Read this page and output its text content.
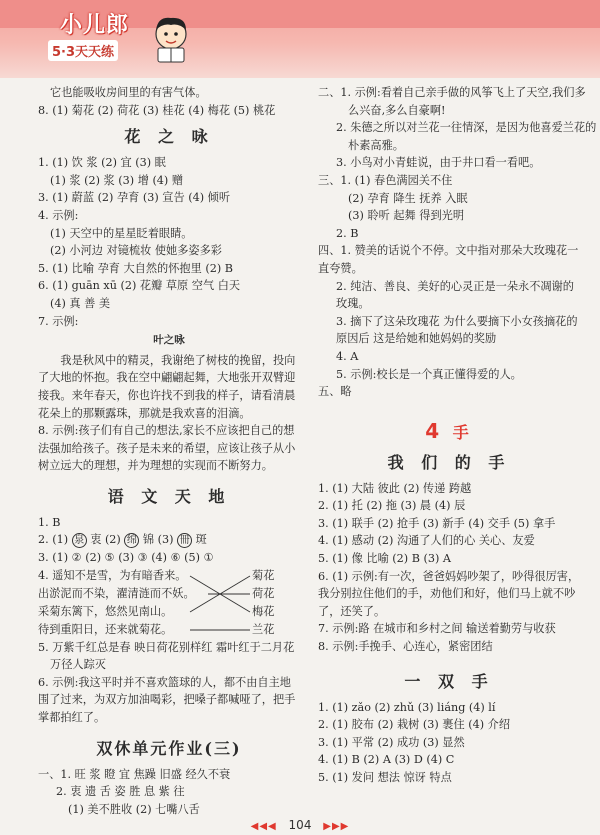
小儿郎
5·3天天练
它也能吸收房间里的有害气体。
8. (1) 菊花 (2) 荷花 (3) 桂花 (4) 梅花 (5) 桃花
花 之 咏
1. (1) 饮 浆 (2) 宜 (3) 眠
(1) 浆 (2) 浆 (3) 增 (4) 赠
3. (1) 蔚蓝 (2) 孕育 (3) 宣告 (4) 倾听
4. 示例:
(1) 天空中的星星眨着眼睛。
(2) 小河边 对镜梳妆 使她多姿多彩
5. (1) 比喻 孕育 大自然的怀抱里 (2) B
6. (1) guān xū (2) 花瓣 草原 空气 白天
(4) 真 善 美
7. 示例:
叶之咏
我是秋风中的精灵，我谢绝了树枝的挽留，投向了大地的怀抱。我在空中翩翩起舞，大地张开双臂迎接我。来年春天，你也许找不到我的样子，请看清晨花朵上的那颗露珠，那就是我欢喜的泪滴。
8. 示例:孩子们有自己的想法,家长不应该把自己的想法强加给孩子。孩子是未来的希望，应该让孩子从小树立远大的理想，并为理想的实现而不断努力。
语 文 天 地
1. B
2. (1) 泉 衷 (2) 绵 锦 (3) 冊 斑
3. (1) ② (2) ⑤ (3) ③ (4) ⑥ (5) ①
4. 遥知不是雪，为有暗香来。
出淤泥而不染，濯清涟而不妖。
采菊东篱下，悠然见南山。
待到重阳日，还来就菊花。
菊花
荷花
梅花
兰花
5. 万紫千红总是春 映日荷花别样红 霜叶红于二月花
万径人踪灭
6. 示例:我这平时并不喜欢篮球的人，都不由自主地围了过来，为双方加油喝彩，把嗓子都喊哑了，把手掌都拍红了。
双休单元作业(三)
一、1. 旺 浆 瞪 宜 焦躁 旧盛 经久不衰
2. 衷 遗 舌 姿 胜 息 紫 往
(1) 美不胜收 (2) 七嘴八舌
二、1. 示例:看着自己亲手做的风筝飞上了天空,我们多
么兴奋,多么自豪啊!
2. 朱德之所以对兰花一往情深，是因为他喜爱兰花的
朴素高雅。
3. 小鸟对小青蛙说，由于井口看一看吧。
三、1. (1) 春色满园关不住
(2) 孕育 降生 抚养 入眠
(3) 聆听 起舞 得到光明
2. B
四、1. 赞美的话说个不停。文中指对那朵大玫瑰花一直夸赞。
2. 纯洁、善良、美好的心灵正是一朵永不凋谢的玫瑰。
3. 摘下了这朵玫瑰花 为什么要摘下小女孩摘花的原因后 这是给她和她妈妈的奖励
4. A
5. 示例:校长是一个真正懂得爱的人。
五、略
4 手
我 们 的 手
1. (1) 大陆 彼此 (2) 传递 跨越
2. (1) 托 (2) 拖 (3) 晨 (4) 辰
3. (1) 联手 (2) 抢手 (3) 新手 (4) 交手 (5) 拿手
4. (1) 感动 (2) 沟通了人们的心 关心、友爱
5. (1) 像 比喻 (2) B (3) A
6. (1) 示例:有一次，爸爸妈妈吵架了，吵得很厉害，我分别拉住他们的手，劝他们和好，他们马上就不吵了，还笑了。
7. 示例:路 在城市和乡村之间 输送着勤劳与收获
8. 示例:手挽手、心连心，紧密团结
一 双 手
1. (1) zǎo (2) zhǔ (3) liáng (4) lí
2. (1) 胶布 (2) 栽树 (3) 裹住 (4) 介绍
3. (1) 平常 (2) 成功 (3) 显然
4. (1) B (2) A (3) D (4) C
5. (1) 发问 想法 惊讶 特点
◀◀◀ 104 ▶▶▶
